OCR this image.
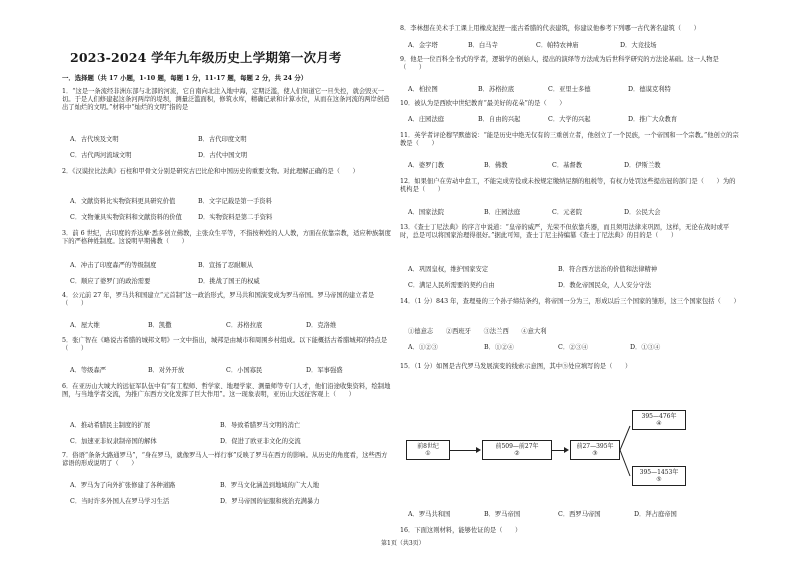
2023-2024 学年九年级历史上学期第一次月考
一．选择题（共 17 小题，1-10 题，每题 1 分，11-17 题，每题 2 分，共 24 分）
1．“这是一条流经非洲东部与北部的河流，它自南向北注入地中海，定期泛滥，使人们知道它一旦失控，就会毁灭一切。于是人们修建起这条河两岸的堤坝，测量泛滥面积，修筑水库，精确记录和计算水位，从而在这条河流的两岸创造出了灿烂的文明。”材料中“灿烂的文明”指的是
A．古代埃及文明	B．古代印度文明
C．古代两河流域文明	D．古代中国文明
2．《汉谟拉比法典》石柱和甲骨文分别是研究古巴比伦和中国历史的重要文物。对此理解正确的是（　　）
A．文献资料比实物资料更具研究价值	B．文字记载是第一手资料
C．文物兼具实物资料和文献资料的价值	D．实物资料是第二手资料
3．前 6 世纪，古印度的乔达摩·悉多创立佛教，主张众生平等，不指按种姓的人人教，方面在依靠宗教，适应种族制度下的严格种姓制度。这说明早期佛教（　　）
A．冲击了印度森严的等级制度	B．宣扬了忍耐顺从
C．顺应了婆罗门的政治需要	D．挑战了国王的权威
4．公元前 27 年，罗马共和国建立“元首制”这一政治形式，罗马共和国演变成为罗马帝国。罗马帝国的建立者是（　　）
A．屋大维	B．凯撒	C．苏格拉底	D．克洛维
5．张广智在《略说古希腊的城邦文明》一文中指出，城邦是由城市和周围乡村组成。以下能概括古希腊城邦的特点是（　　）
A．等级森严	B．对外开放	C．小国寡民	D．军事强盛
6．在亚历山大城大的远征军队伍中有“有工程师、哲学家、地理学家、测量师等专门人才，他们沿途收集资料，绘制地图，与当地学者交流，为推广东西方文化发挥了巨大作用”。这一现象表明，亚历山大远征客观上（　　）
A．推动希腊民主制度的扩展	B．导致希腊罗马文明的消亡
C．加速亚非奴隶制帝国的解体	D．促进了欧亚非文化的交流
7．俗语“条条大路通罗马”，“身在罗马，就像罗马人一样行事”反映了罗马在西方的影响。从历史的角度看，这些西方谚语的形成说明了（　　）
A．罗马为了向外扩张修建了各种道路	B．罗马文化涵盖到地域的广大人地
C．当时许多外国人在罗马学习生活	D．罗马帝国的征服和统治充满暴力
8．李林想在美术手工课上用橡皮泥捏一座古希腊的代表建筑，你建议他参考下列哪一古代著名建筑（　　）
A．金字塔	B．白马寺	C．帕特农神庙	D．大竞技场
9．他是一位百科全书式的学者，逻辑学的创始人，提出的演绎等方法成为后世科学研究的方法论基础。这一人物是（　　）
A．柏拉图	B．苏格拉底	C．亚里士多德	D．德谟克利特
10．被认为是西欧中世纪教育“最美好的花朵”的是（　　）
A．庄园法庭	B．自由的兴起	C．大学的兴起	D．推广大众教育
11．英学者评论穆罕默德说：“能是历史中绝无仅有的三重创立者，他创立了一个民族，一个帝国和一个宗教。”他创立的宗教是（　　）
A．婆罗门教	B．佛教	C．基督教	D．伊斯兰教
12．如果佃户在劳动中怠工，不能完成劳役或未按规定缴纳足额的租税等，有权力处罚这些提出冠的部门是（　　）为的机构是（　　）
A．国家法院	B．庄园法庭	C．元老院	D．公民大会
13．《查士丁尼法典》的序言中说道：“皇帝的威严，光荣不但依靠兵器，而且须用法律来巩固，这样，无论在战时或平时，总是可以将国家治理得很好。”据此可知，查士丁尼主持编纂《查士丁尼法典》的目的是（　　）
A．巩固皇权，维护国家安定	B．符合西方法治的价值和法律精神
C．满足人民所需要的契约自由	D．教化帝国民众，人人安分守法
14．（1 分）843 年，查理曼的三个孙子缔结条约，将帝国一分为三，形成以后三个国家的雏形，这三个国家包括（　　）
①德意志　　②西班牙　　③法兰西　　④意大利
A．①②③	B．①②④	C．②③④	D．①③④
15．（1 分）如图是古代罗马发展演变的线索示意图，其中⑤处应填写的是（　　）
A．罗马共和国	B．罗马帝国	C．西罗马帝国	D．拜占庭帝国
前8世纪
①
前509—前27年
②
前27—395年
③
395—476年
④
395—1453年
⑤
16．下面这则材料，能够佐证的是（　　）
第1页（共3页）
